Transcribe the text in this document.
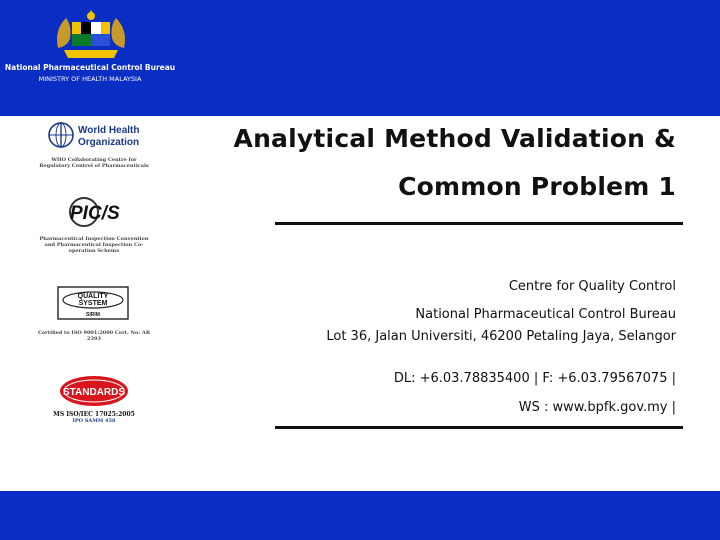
National Pharmaceutical Control Bureau
MINISTRY OF HEALTH MALAYSIA
World Health
Organization
WHO Collaborating Centre for Regulatory Control of Pharmaceuticals
PIC/S
Pharmaceutical Inspection Convention and Pharmaceutical Inspection Co-operation Scheme
QUALITY
SYSTEM
SIRIM
Certified to ISO 9001:2000 Cert. No: AR 2393
STANDARDS
MS ISO/IEC 17025:2005
IPO SAMM 458
Analytical Method Validation &
Common Problem 1
Centre for Quality Control
National Pharmaceutical Control Bureau
Lot 36, Jalan Universiti, 46200 Petaling Jaya, Selangor
DL: +6.03.78835400 | F: +6.03.79567075 |
WS : www.bpfk.gov.my |
